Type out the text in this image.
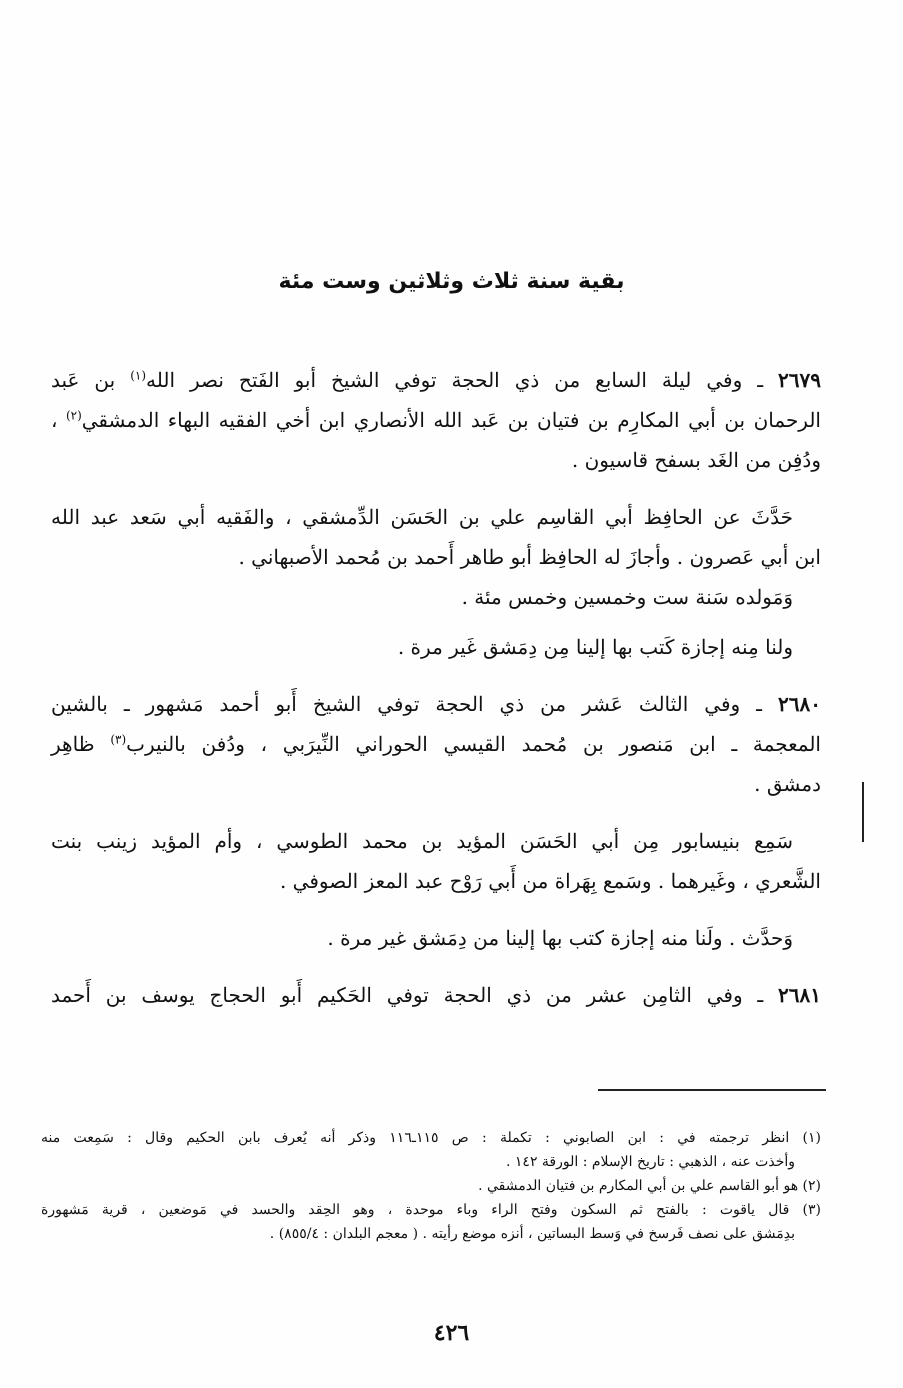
بقية سنة ثلاث وثلاثين وست مئة
٢٦٧٩ ـ وفي ليلة السابع من ذي الحجة توفي الشيخ أبو الفَتح نصر الله$^{(١)}$ بن عَبد
الرحمان بن أبي المكارِم بن فتيان بن عَبد الله الأنصاري ابن أخي الفقيه البهاء الدمشقي$^{(٢)}$ ،
ودُفِن من الغَد بسفح قاسيون .
حَدَّثَ عن الحافِظ أبي القاسِم علي بن الحَسَن الدِّمشقي ، والفَقيه أبي سَعد عبد الله
ابن أبي عَصرون . وأجازَ له الحافِظ أبو طاهر أَحمد بن مُحمد الأصبهاني .
وَمَولده سَنة ست وخمسين وخمس مئة .
ولنا مِنه إجازة كَتب بها إلينا مِن دِمَشق غَير مرة .
٢٦٨٠ ـ وفي الثالث عَشر من ذي الحجة توفي الشيخ أَبو أحمد مَشهور ـ بالشين
المعجمة ـ ابن مَنصور بن مُحمد القيسي الحوراني النِّيرَبي ، ودُفن بالنيرب$^{(٣)}$ ظاهِر
دمشق .
سَمِع بنيسابور مِن أبي الحَسَن المؤيد بن محمد الطوسي ، وأم المؤيد زينب بنت
الشَّعري ، وغَيرهما . وسَمع بِهَراة من أَبي رَوْح عبد المعز الصوفي .
وَحدَّث . ولَنا منه إجازة كتب بها إلينا من دِمَشق غير مرة .
٢٦٨١ ـ وفي الثامِن عشر من ذي الحجة توفي الحَكيم أَبو الحجاج يوسف بن أَحمد
(١) انظر ترجمته في : ابن الصابوني : تكملة : ص ١١٥ـ١١٦ وذكر أنه يُعرف بابن الحكيم وقال : سَمِعت منه
وأخذت عنه ، الذهبي : تاريخ الإسلام : الورقة ١٤٢ .
(٢) هو أبو القاسم علي بن أبي المكارم بن فتيان الدمشقي .
(٣) قال ياقوت : بالفتح ثم السكون وفتح الراء وباء موحدة ، وهو الحِقد والحسد في مَوضعين ، قرية مَشهورة
بدِمَشق على نصف فَرسخ في وَسط البساتين ، أنزه موضع رأيته . ( معجم البلدان : ٨٥٥/٤) .
٤٢٦
